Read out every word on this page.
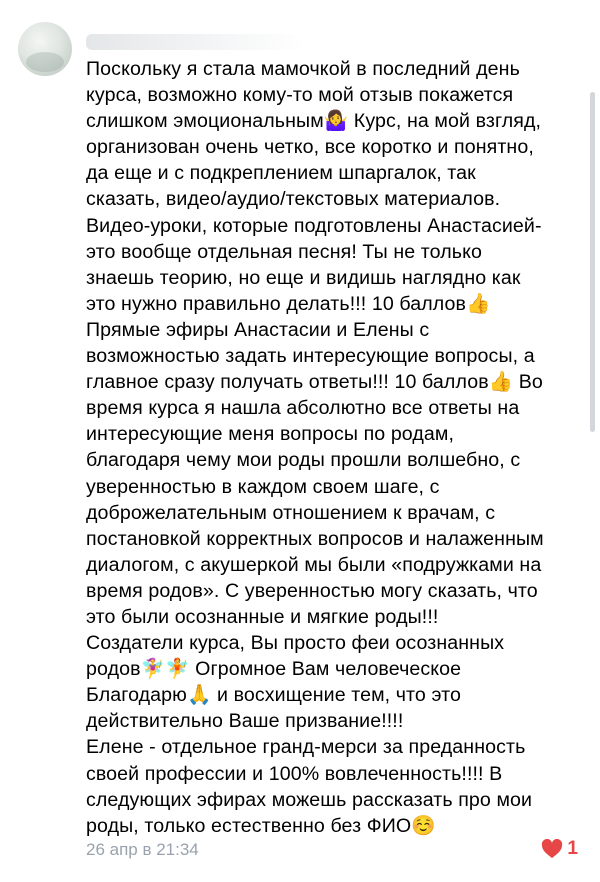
Поскольку я стала мамочкой в последний день
курса, возможно кому-то мой отзыв покажется
слишком эмоциональным🤷‍♀️ Курс, на мой взгляд,
организован очень четко, все коротко и понятно,
да еще и с подкреплением шпаргалок, так
сказать, видео/аудио/текстовых материалов.
Видео-уроки, которые подготовлены Анастасией-
это вообще отдельная песня! Ты не только
знаешь теорию, но еще и видишь наглядно как
это нужно правильно делать!!! 10 баллов👍
Прямые эфиры Анастасии и Елены с
возможностью задать интересующие вопросы, а
главное сразу получать ответы!!! 10 баллов👍 Во
время курса я нашла абсолютно все ответы на
интересующие меня вопросы по родам,
благодаря чему мои роды прошли волшебно, с
уверенностью в каждом своем шаге, с
доброжелательным отношением к врачам, с
постановкой корректных вопросов и налаженным
диалогом, с акушеркой мы были «подружками на
время родов». С уверенностью могу сказать, что
это были осознанные и мягкие роды!!!
Создатели курса, Вы просто феи осознанных
родов🧚‍♀️🧚 Огромное Вам человеческое
Благодарю🙏 и восхищение тем, что это
действительно Ваше призвание!!!!
Елене - отдельное гранд-мерси за преданность
своей профессии и 100% вовлеченность!!!! В
следующих эфирах можешь рассказать про мои
роды, только естественно без ФИО☺️
26 апр в 21:34	1
